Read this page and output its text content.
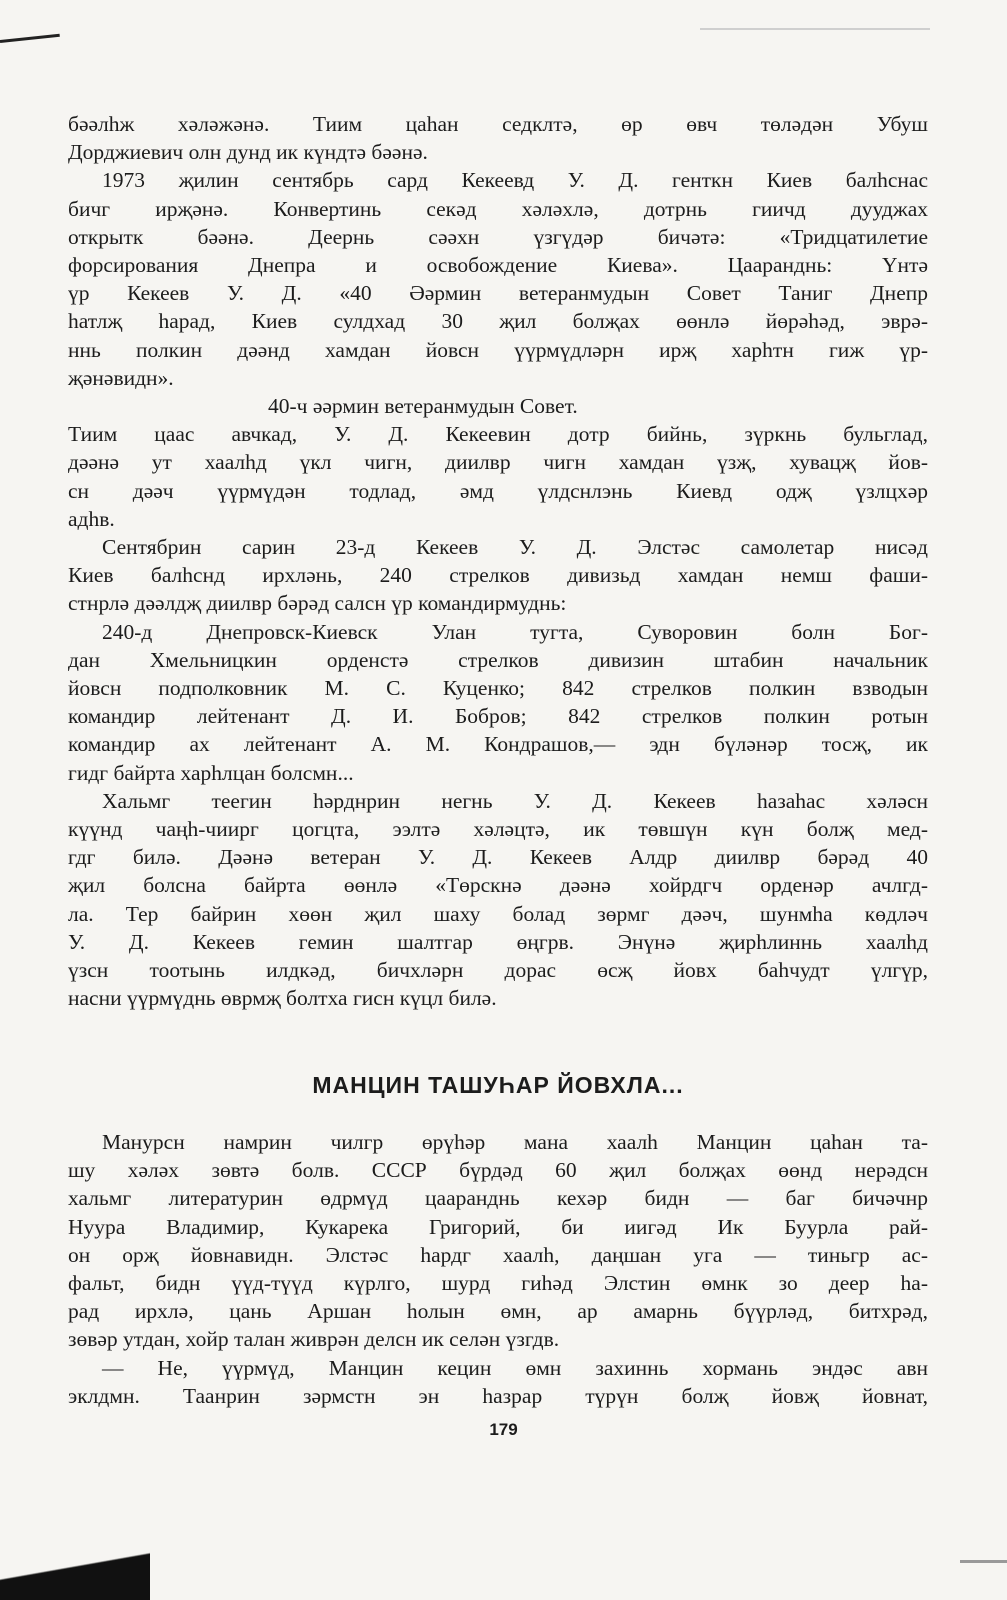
бәәлһж хәләжәнә. Тиим цаһан седклтә, өр өвч төләдән Убуш
Дорджиевич олн дунд ик күндтә бәәнә.

1973 җилин сентябрь сард Кекеевд У. Д. генткн Киев балһснас
бичг ирҗәнә. Конвертинь секәд хәләхлә, дотрнь гиичд дууджах
открытк бәәнә. Деернь сәәхн үзгүдәр бичәтә: «Тридцатилетие
форсирования Днепра и освобождение Киева». Цааранднь: Үнтә
үр Кекеев У. Д. «40 Әәрмин ветеранмудын Совет Таниг Днепр
һатлҗ һарад, Киев сулдхад 30 җил болҗах өөнлә йөрәһәд, эврә-
ннь полкин дәәнд хамдан йовсн үүрмүдләрн ирҗ харһтн гиж үр-
җәнәвидн».

40-ч әәрмин ветеранмудын Совет.

Тиим цаас авчкад, У. Д. Кекеевин дотр бийнь, зүркнь бульглад,
дәәнә ут хаалһд үкл чигн, диилвр чигн хамдан үзҗ, хувацҗ йов-
сн дәәч үүрмүдән тодлад, әмд үлдснлэнь Киевд одҗ үзлцхәр
адһв.

Сентябрин сарин 23-д Кекеев У. Д. Элстәс самолетар нисәд
Киев балһснд ирхләнь, 240 стрелков дивизьд хамдан немш фаши-
стнрлә дәәлдҗ диилвр бәрәд салсн үр командирмуднь:

240-д Днепровск-Киевск Улан тугта, Суворовин болн Бог-
дан Хмельницкин орденстә стрелков дивизин штабин начальник
йовсн подполковник М. С. Куценко; 842 стрелков полкин взводын
командир лейтенант Д. И. Бобров; 842 стрелков полкин ротын
командир ах лейтенант А. М. Кондрашов,— эдн бүләнәр тосҗ, ик
гидг байрта харһлцан болсмн...

Хальмг теегин һәрднрин негнь У. Д. Кекеев һазаһас хәләсн
күүнд чаңһ-чиирг цогцта, ээлтә хәләцтә, ик төвшүн күн болҗ мед-
гдг билә. Дәәнә ветеран У. Д. Кекеев Алдр диилвр бәрәд 40
җил болсна байрта өөнлә «Төрскнә дәәнә хойрдгч орденәр ачлгд-
ла. Тер байрин хөөн җил шаху болад зөрмг дәәч, шунмһа көдләч
У. Д. Кекеев гемин шалтгар өңгрв. Энүнә җирһлиннь хаалһд
үзсн тоотынь илдкәд, бичхләрн дорас өсҗ йовх баһчудт үлгүр,
насни үүрмүднь өврмҗ болтха гисн күцл билә.

МАНЦИН ТАШУҺАР ЙОВХЛА...

Манурсн намрин чилгр өрүһәр мана хаалһ Манцин цаһан та-
шу хәләх зөвтә болв. СССР бүрдәд 60 җил болҗах өөнд нерәдсн
хальмг литературин өдрмүд цааранднь кехәр бидн — баг бичәчнр
Нуура Владимир, Кукарека Григорий, би иигәд Ик Буурла рай-
он орҗ йовнавидн. Элстәс һардг хаалһ, даңшан уга — тиньгр ас-
фальт, бидн үүд-түүд күрлго, шурд гиһәд Элстин өмнк зо деер һа-
рад ирхлә, цань Аршан һолын өмн, ар амарнь бүүрләд, битхрәд,
зөвәр утдан, хойр талан живрән делсн ик селән үзгдв.

— Не, үүрмүд, Манцин кецин өмн захиннь хормань эндәс авн
эклдмн. Таанрин зәрмстн эн һазрар түрүн болҗ йовҗ йовнат,

179
